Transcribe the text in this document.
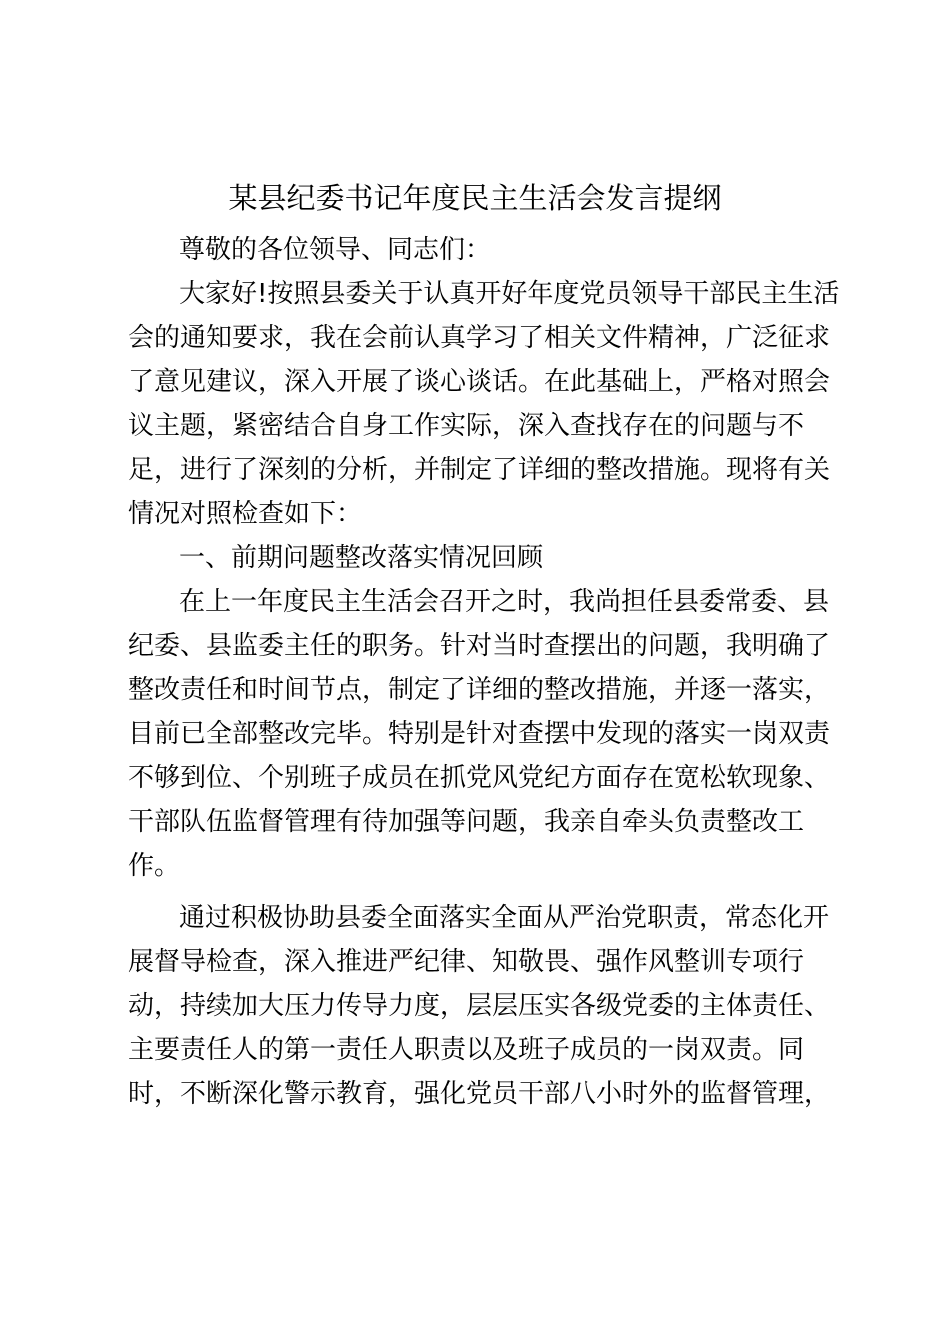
某县纪委书记年度民主生活会发言提纲

尊敬的各位领导、同志们：

大家好!按照县委关于认真开好年度党员领导干部民主生活

会的通知要求，我在会前认真学习了相关文件精神，广泛征求

了意见建议，深入开展了谈心谈话。在此基础上，严格对照会

议主题，紧密结合自身工作实际，深入查找存在的问题与不

足，进行了深刻的分析，并制定了详细的整改措施。现将有关

情况对照检查如下：

一、前期问题整改落实情况回顾

在上一年度民主生活会召开之时，我尚担任县委常委、县

纪委、县监委主任的职务。针对当时查摆出的问题，我明确了

整改责任和时间节点，制定了详细的整改措施，并逐一落实，

目前已全部整改完毕。特别是针对查摆中发现的落实一岗双责

不够到位、个别班子成员在抓党风党纪方面存在宽松软现象、

干部队伍监督管理有待加强等问题，我亲自牵头负责整改工

作。

通过积极协助县委全面落实全面从严治党职责，常态化开

展督导检查，深入推进严纪律、知敬畏、强作风整训专项行

动，持续加大压力传导力度，层层压实各级党委的主体责任、

主要责任人的第一责任人职责以及班子成员的一岗双责。同

时，不断深化警示教育，强化党员干部八小时外的监督管理，
